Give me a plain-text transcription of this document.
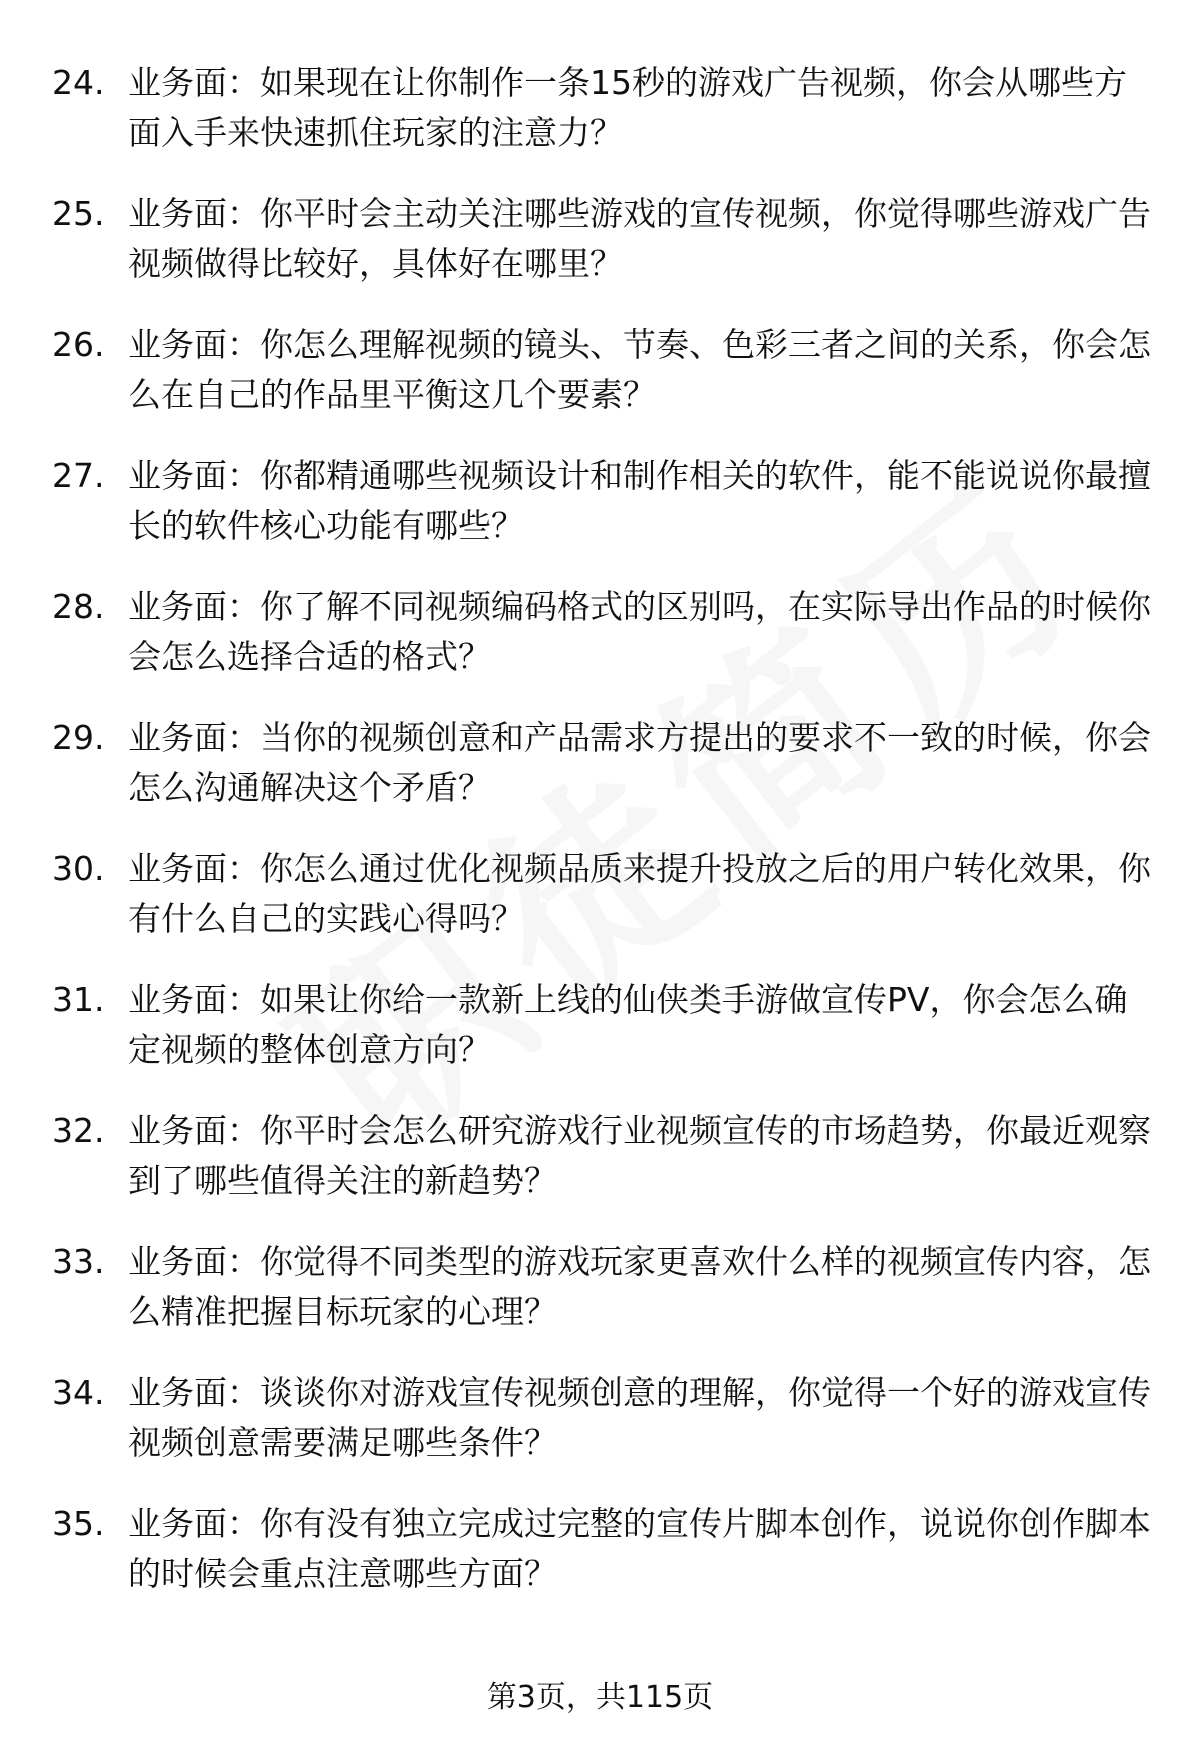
24. 业务面：如果现在让你制作一条15秒的游戏广告视频，你会从哪些方面入手来快速抓住玩家的注意力？
25. 业务面：你平时会主动关注哪些游戏的宣传视频，你觉得哪些游戏广告视频做得比较好，具体好在哪里？
26. 业务面：你怎么理解视频的镜头、节奏、色彩三者之间的关系，你会怎么在自己的作品里平衡这几个要素？
27. 业务面：你都精通哪些视频设计和制作相关的软件，能不能说说你最擅长的软件核心功能有哪些？
28. 业务面：你了解不同视频编码格式的区别吗，在实际导出作品的时候你会怎么选择合适的格式？
29. 业务面：当你的视频创意和产品需求方提出的要求不一致的时候，你会怎么沟通解决这个矛盾？
30. 业务面：你怎么通过优化视频品质来提升投放之后的用户转化效果，你有什么自己的实践心得吗？
31. 业务面：如果让你给一款新上线的仙侠类手游做宣传PV，你会怎么确定视频的整体创意方向？
32. 业务面：你平时会怎么研究游戏行业视频宣传的市场趋势，你最近观察到了哪些值得关注的新趋势？
33. 业务面：你觉得不同类型的游戏玩家更喜欢什么样的视频宣传内容，怎么精准把握目标玩家的心理？
34. 业务面：谈谈你对游戏宣传视频创意的理解，你觉得一个好的游戏宣传视频创意需要满足哪些条件？
35. 业务面：你有没有独立完成过完整的宣传片脚本创作，说说你创作脚本的时候会重点注意哪些方面？
第3页，共115页
